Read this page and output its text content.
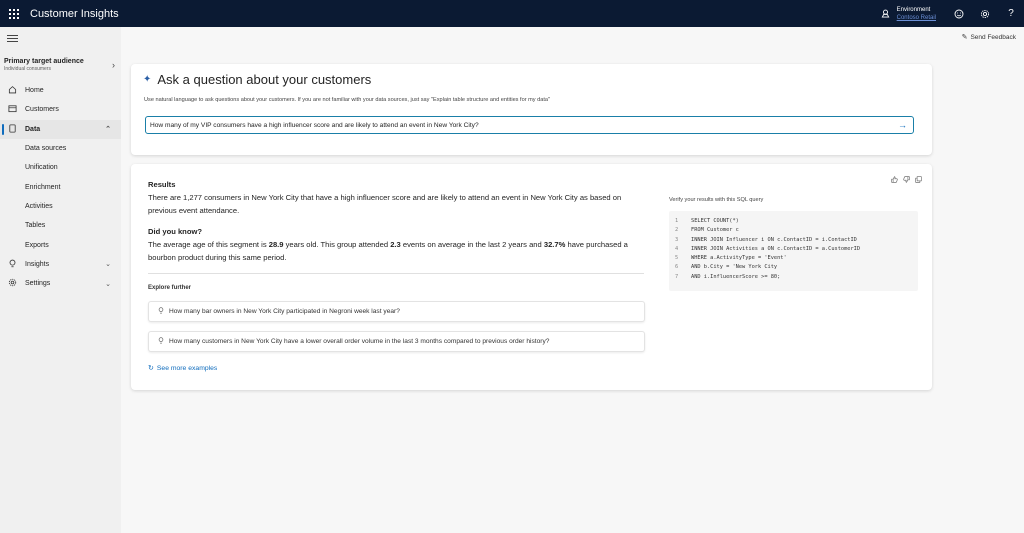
Customer Insights	Environment
Contoso Retail	?
Primary target audience
Individual consumers	›
Home
Customers
Data	⌃
Data sources
Unification
Enrichment
Activities
Tables
Exports
Insights	⌄
Settings	⌄
✎ Send Feedback
✦ Ask a question about your customers
Use natural language to ask questions about your customers. If you are not familiar with your data sources, just say "Explain table structure and entities for my data"
How many of my VIP consumers have a high influencer score and are likely to attend an event in New York City?
→
Results
There are 1,277 consumers in New York City that have a high influencer score and are likely to attend an event in New York City as based on previous event attendance.
Did you know?
The average age of this segment is 28.9 years old. This group attended 2.3 events on average in the last 2 years and 32.7% have purchased a bourbon product during this same period.
Explore further
How many bar owners in New York City participated in Negroni week last year?
How many customers in New York City have a lower overall order volume in the last 3 months compared to previous order history?
↻ See more examples
Verify your results with this SQL query
1	SELECT COUNT(*)
2	FROM Customer c
3	INNER JOIN Influencer i ON c.ContactID = i.ContactID
4	INNER JOIN Activities a ON c.ContactID = a.CustomerID
5	WHERE a.ActivityType = 'Event'
6	AND b.City = 'New York City
7	AND i.InfluencerScore >= 80;
